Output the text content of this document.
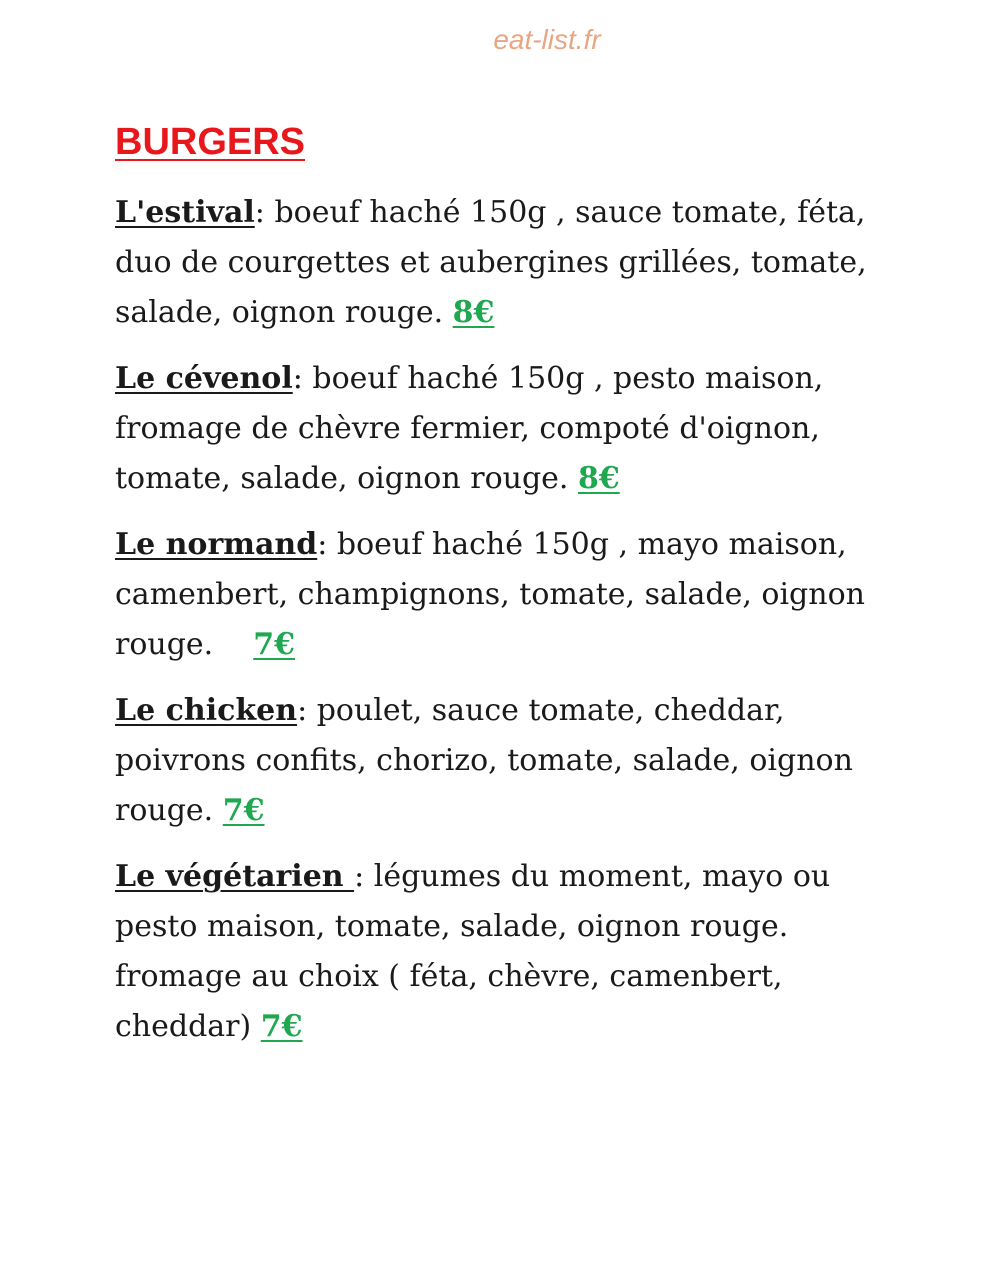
eat-list.fr
BURGERS
L'estival: boeuf haché 150g , sauce tomate, féta, duo de courgettes et aubergines grillées, tomate, salade, oignon rouge. 8€
Le cévenol: boeuf haché 150g , pesto maison, fromage de chèvre fermier, compoté d'oignon, tomate, salade, oignon rouge. 8€
Le normand: boeuf haché 150g , mayo maison, camenbert, champignons, tomate, salade, oignon rouge. 7€
Le chicken: poulet, sauce tomate, cheddar, poivrons confits, chorizo, tomate, salade, oignon rouge. 7€
Le végétarien : légumes du moment, mayo ou pesto maison, tomate, salade, oignon rouge. fromage au choix ( féta, chèvre, camenbert, cheddar) 7€
